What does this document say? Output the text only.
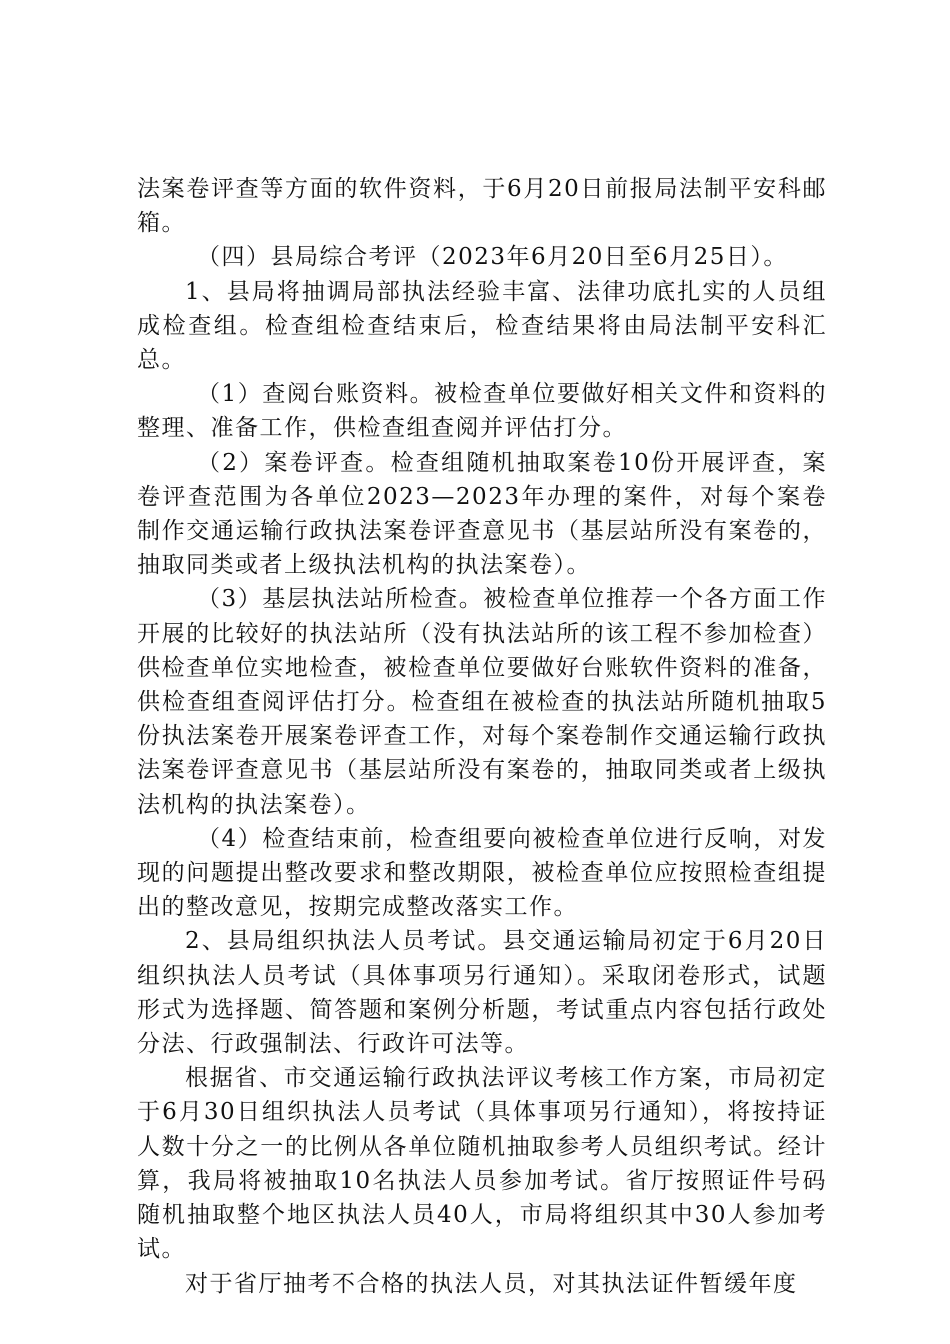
法案卷评查等方面的软件资料，于6月20日前报局法制平安科邮箱。

（四）县局综合考评（2023年6月20日至6月25日）。

1、县局将抽调局部执法经验丰富、法律功底扎实的人员组成检查组。检查组检查结束后，检查结果将由局法制平安科汇总。

（1）查阅台账资料。被检查单位要做好相关文件和资料的整理、准备工作，供检查组查阅并评估打分。

（2）案卷评查。检查组随机抽取案卷10份开展评查，案卷评查范围为各单位2023—2023年办理的案件，对每个案卷制作交通运输行政执法案卷评查意见书（基层站所没有案卷的，抽取同类或者上级执法机构的执法案卷）。

（3）基层执法站所检查。被检查单位推荐一个各方面工作开展的比较好的执法站所（没有执法站所的该工程不参加检查）供检查单位实地检查，被检查单位要做好台账软件资料的准备，供检查组查阅评估打分。检查组在被检查的执法站所随机抽取5份执法案卷开展案卷评查工作，对每个案卷制作交通运输行政执法案卷评查意见书（基层站所没有案卷的，抽取同类或者上级执法机构的执法案卷）。

（4）检查结束前，检查组要向被检查单位进行反响，对发现的问题提出整改要求和整改期限，被检查单位应按照检查组提出的整改意见，按期完成整改落实工作。

2、县局组织执法人员考试。县交通运输局初定于6月20日组织执法人员考试（具体事项另行通知）。采取闭卷形式，试题形式为选择题、简答题和案例分析题，考试重点内容包括行政处分法、行政强制法、行政许可法等。

根据省、市交通运输行政执法评议考核工作方案，市局初定于6月30日组织执法人员考试（具体事项另行通知），将按持证人数十分之一的比例从各单位随机抽取参考人员组织考试。经计算，我局将被抽取10名执法人员参加考试。省厅按照证件号码随机抽取整个地区执法人员40人，市局将组织其中30人参加考试。

对于省厅抽考不合格的执法人员，对其执法证件暂缓年度
